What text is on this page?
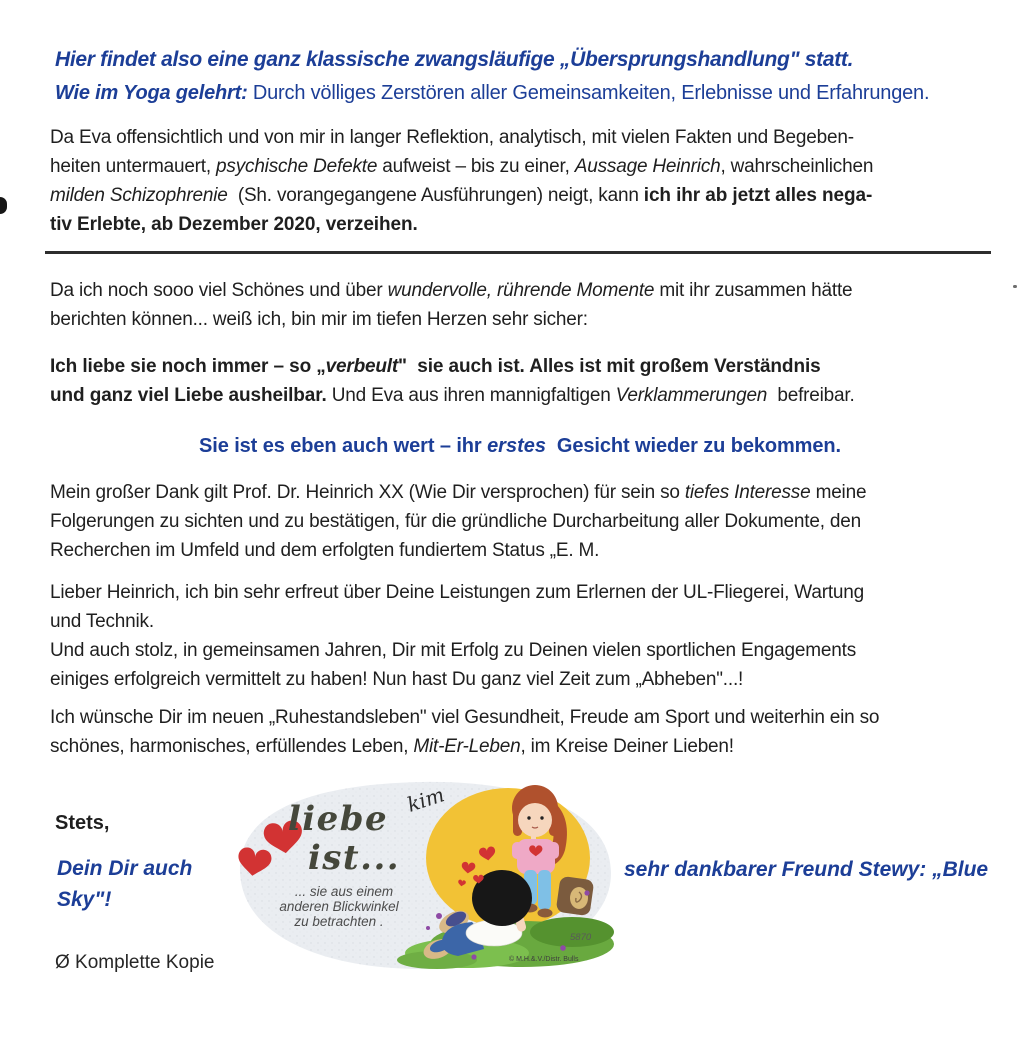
Hier findet also eine ganz klassische zwangsläufige „Übersprungshandlung" statt.
Wie im Yoga gelehrt: Durch völliges Zerstören aller Gemeinsamkeiten, Erlebnisse und Erfahrungen.
Da Eva offensichtlich und von mir in langer Reflektion, analytisch, mit vielen Fakten und Begeben-
heiten untermauert, psychische Defekte aufweist – bis zu einer, Aussage Heinrich, wahrscheinlichen
milden Schizophrenie  (Sh. vorangegangene Ausführungen) neigt, kann ich ihr ab jetzt alles nega-
tiv Erlebte, ab Dezember 2020, verzeihen.
Da ich noch sooo viel Schönes und über wundervolle, rührende Momente mit ihr zusammen hätte
berichten können... weiß ich, bin mir im tiefen Herzen sehr sicher:
Ich liebe sie noch immer – so „verbeult"  sie auch ist. Alles ist mit großem Verständnis
und ganz viel Liebe ausheilbar. Und Eva aus ihren mannigfaltigen Verklammerungen  befreibar.
Sie ist es eben auch wert – ihr erstes  Gesicht wieder zu bekommen.
Mein großer Dank gilt Prof. Dr. Heinrich XX (Wie Dir versprochen) für sein so tiefes Interesse meine
Folgerungen zu sichten und zu bestätigen, für die gründliche Durcharbeitung aller Dokumente, den
Recherchen im Umfeld und dem erfolgten fundiertem Status „E. M.
Lieber Heinrich, ich bin sehr erfreut über Deine Leistungen zum Erlernen der UL-Fliegerei, Wartung
und Technik.
Und auch stolz, in gemeinsamen Jahren, Dir mit Erfolg zu Deinen vielen sportlichen Engagements
einiges erfolgreich vermittelt zu haben! Nun hast Du ganz viel Zeit zum „Abheben"...!
Ich wünsche Dir im neuen „Ruhestandsleben" viel Gesundheit, Freude am Sport und weiterhin ein so
schönes, harmonisches, erfüllendes Leben, Mit-Er-Leben, im Kreise Deiner Lieben!
Stets,
Dein Dir auch
Sky"!
sehr dankbarer Freund Stewy: „Blue
liebe
ist...
kim
... sie aus einem
anderen Blickwinkel
zu betrachten .
5870
© M.H.&.V./Distr. Bulls
Ø Komplette Kopie
